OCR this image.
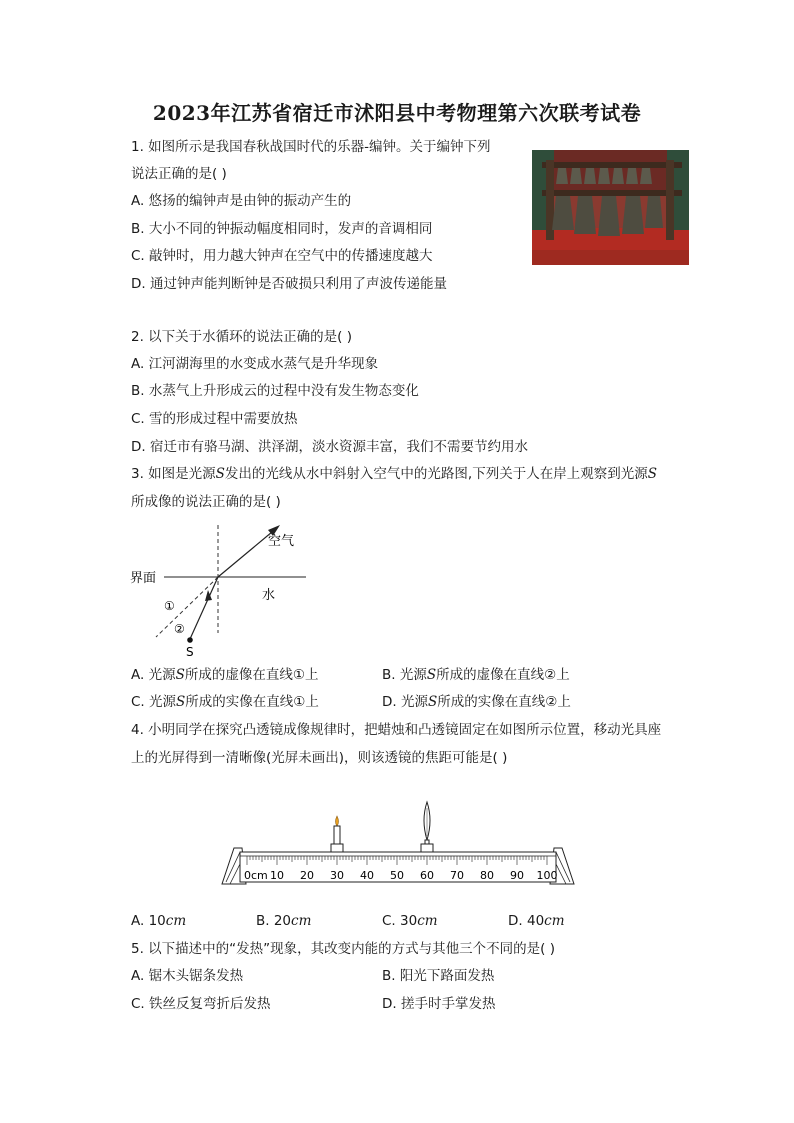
2023年江苏省宿迁市沭阳县中考物理第六次联考试卷
1. 如图所示是我国春秋战国时代的乐器-编钟。关于编钟下列
说法正确的是( )
A. 悠扬的编钟声是由钟的振动产生的
B. 大小不同的钟振动幅度相同时，发声的音调相同
C. 敲钟时，用力越大钟声在空气中的传播速度越大
D. 通过钟声能判断钟是否破损只利用了声波传递能量
2. 以下关于水循环的说法正确的是( )
A. 江河湖海里的水变成水蒸气是升华现象
B. 水蒸气上升形成云的过程中没有发生物态变化
C. 雪的形成过程中需要放热
D. 宿迁市有骆马湖、洪泽湖，淡水资源丰富，我们不需要节约用水
3. 如图是光源S发出的光线从水中斜射入空气中的光路图,下列关于人在岸上观察到光源S
所成像的说法正确的是( )
空气
界面
水
①
②
S
A. 光源S所成的虚像在直线①上	B. 光源S所成的虚像在直线②上
C. 光源S所成的实像在直线①上	D. 光源S所成的实像在直线②上
4. 小明同学在探究凸透镜成像规律时，把蜡烛和凸透镜固定在如图所示位置，移动光具座
上的光屏得到一清晰像(光屏未画出)，则该透镜的焦距可能是( )
0cm 10 20 30 40 50 60 70 80 90 100
A. 10cm	B. 20cm	C. 30cm	D. 40cm
5. 以下描述中的“发热”现象，其改变内能的方式与其他三个不同的是( )
A. 锯木头锯条发热	B. 阳光下路面发热
C. 铁丝反复弯折后发热	D. 搓手时手掌发热
